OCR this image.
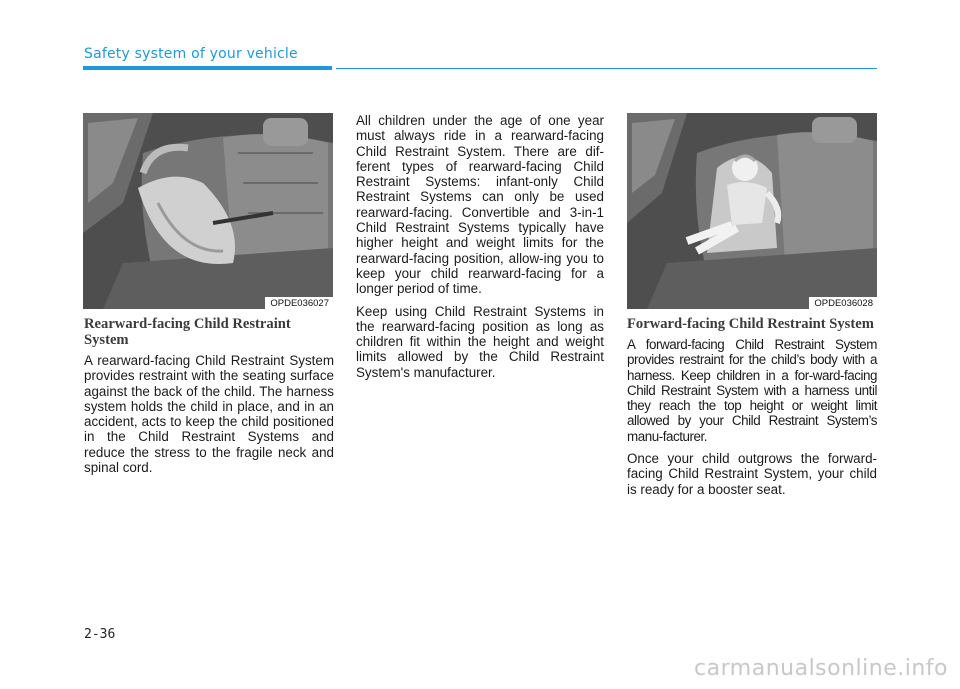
Safety system of your vehicle
OPDE036027	OPDE036028
Rearward-facing Child Restraint System

A rearward-facing Child Restraint System provides restraint with the seating surface against the back of the child. The harness system holds the child in place, and in an accident, acts to keep the child positioned in the Child Restraint Systems and reduce the stress to the fragile neck and spinal cord.

All children under the age of one year must always ride in a rearward-facing Child Restraint System. There are dif-ferent types of rearward-facing Child Restraint Systems: infant-only Child Restraint Systems can only be used rearward-facing. Convertible and 3-in-1 Child Restraint Systems typically have higher height and weight limits for the rearward-facing position, allow-ing you to keep your child rearward-facing for a longer period of time.

Keep using Child Restraint Systems in the rearward-facing position as long as children fit within the height and weight limits allowed by the Child Restraint System's manufacturer.

Forward-facing Child Restraint System

A forward-facing Child Restraint System provides restraint for the child’s body with a harness. Keep children in a for-ward-facing Child Restraint System with a harness until they reach the top height or weight limit allowed by your Child Restraint System’s manu-facturer.

Once your child outgrows the forward-facing Child Restraint System, your child is ready for a booster seat.

2-36
carmanualsonline.info
